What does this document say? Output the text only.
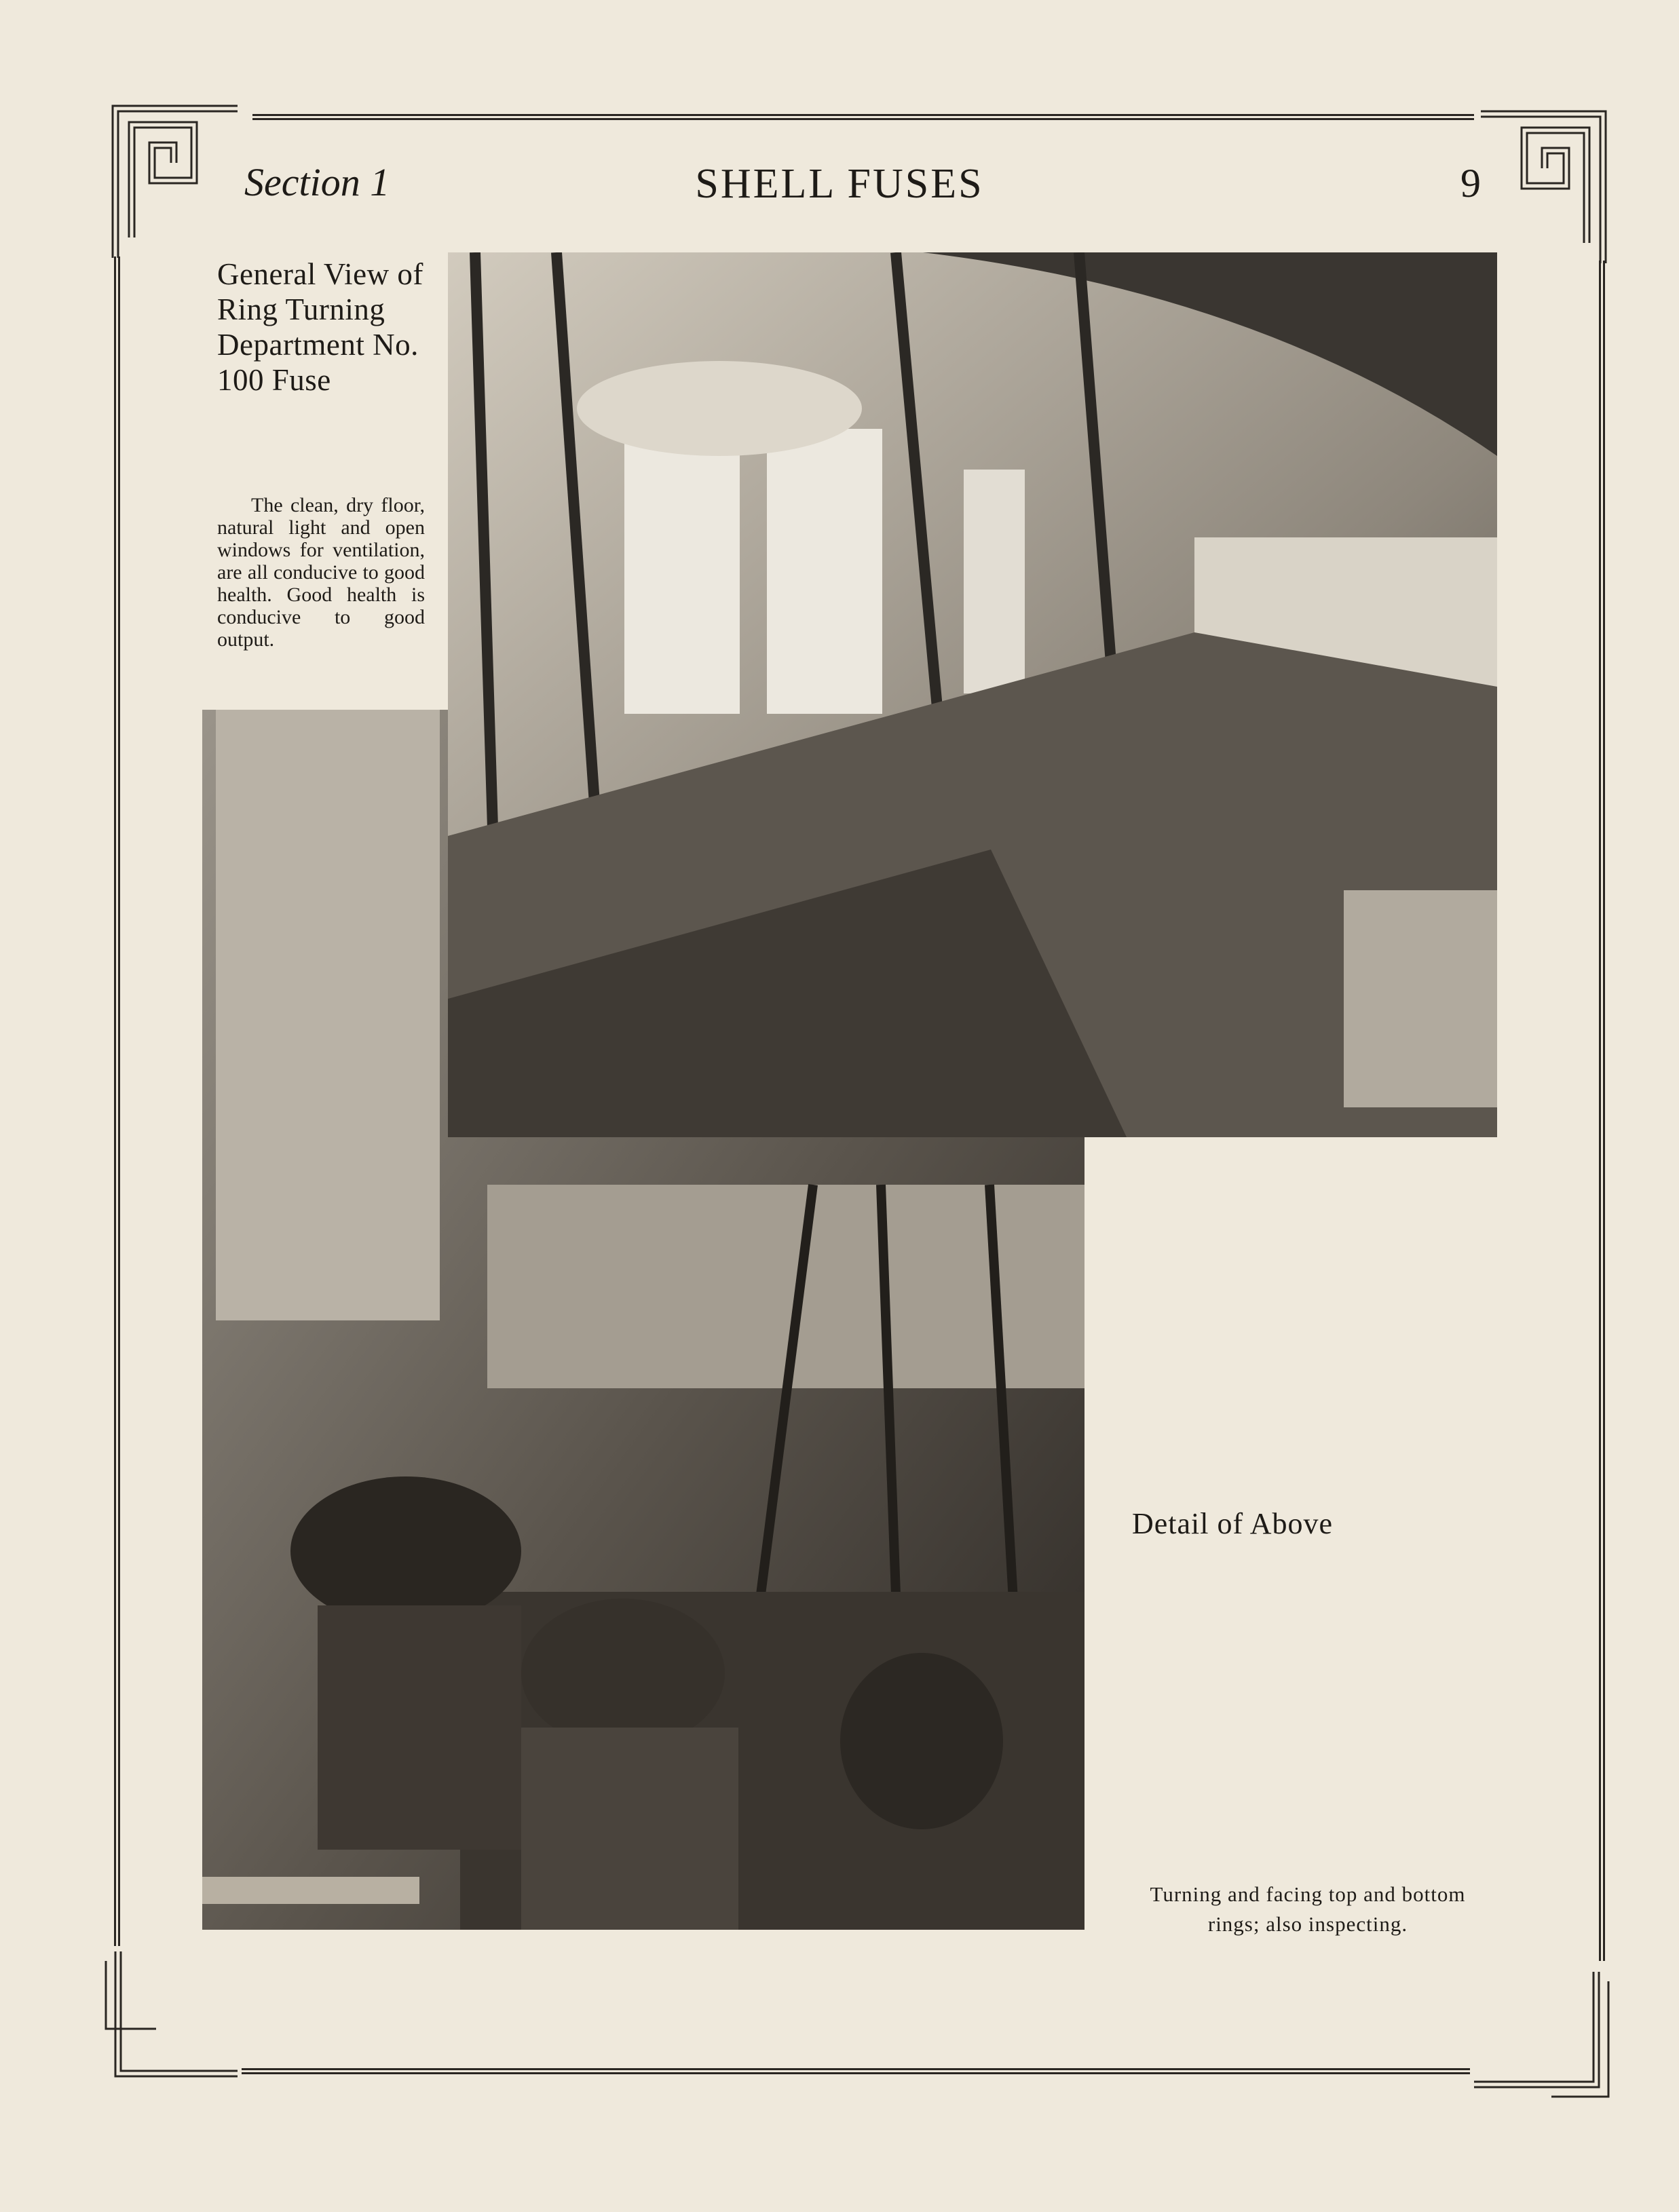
Section 1	SHELL FUSES	9
General View of Ring Turning Department No. 100 Fuse
The clean, dry floor, natural light and open windows for ventilation, are all conducive to good health. Good health is conducive to good output.
Detail of Above
Turning and facing top and bottom rings; also inspecting.
